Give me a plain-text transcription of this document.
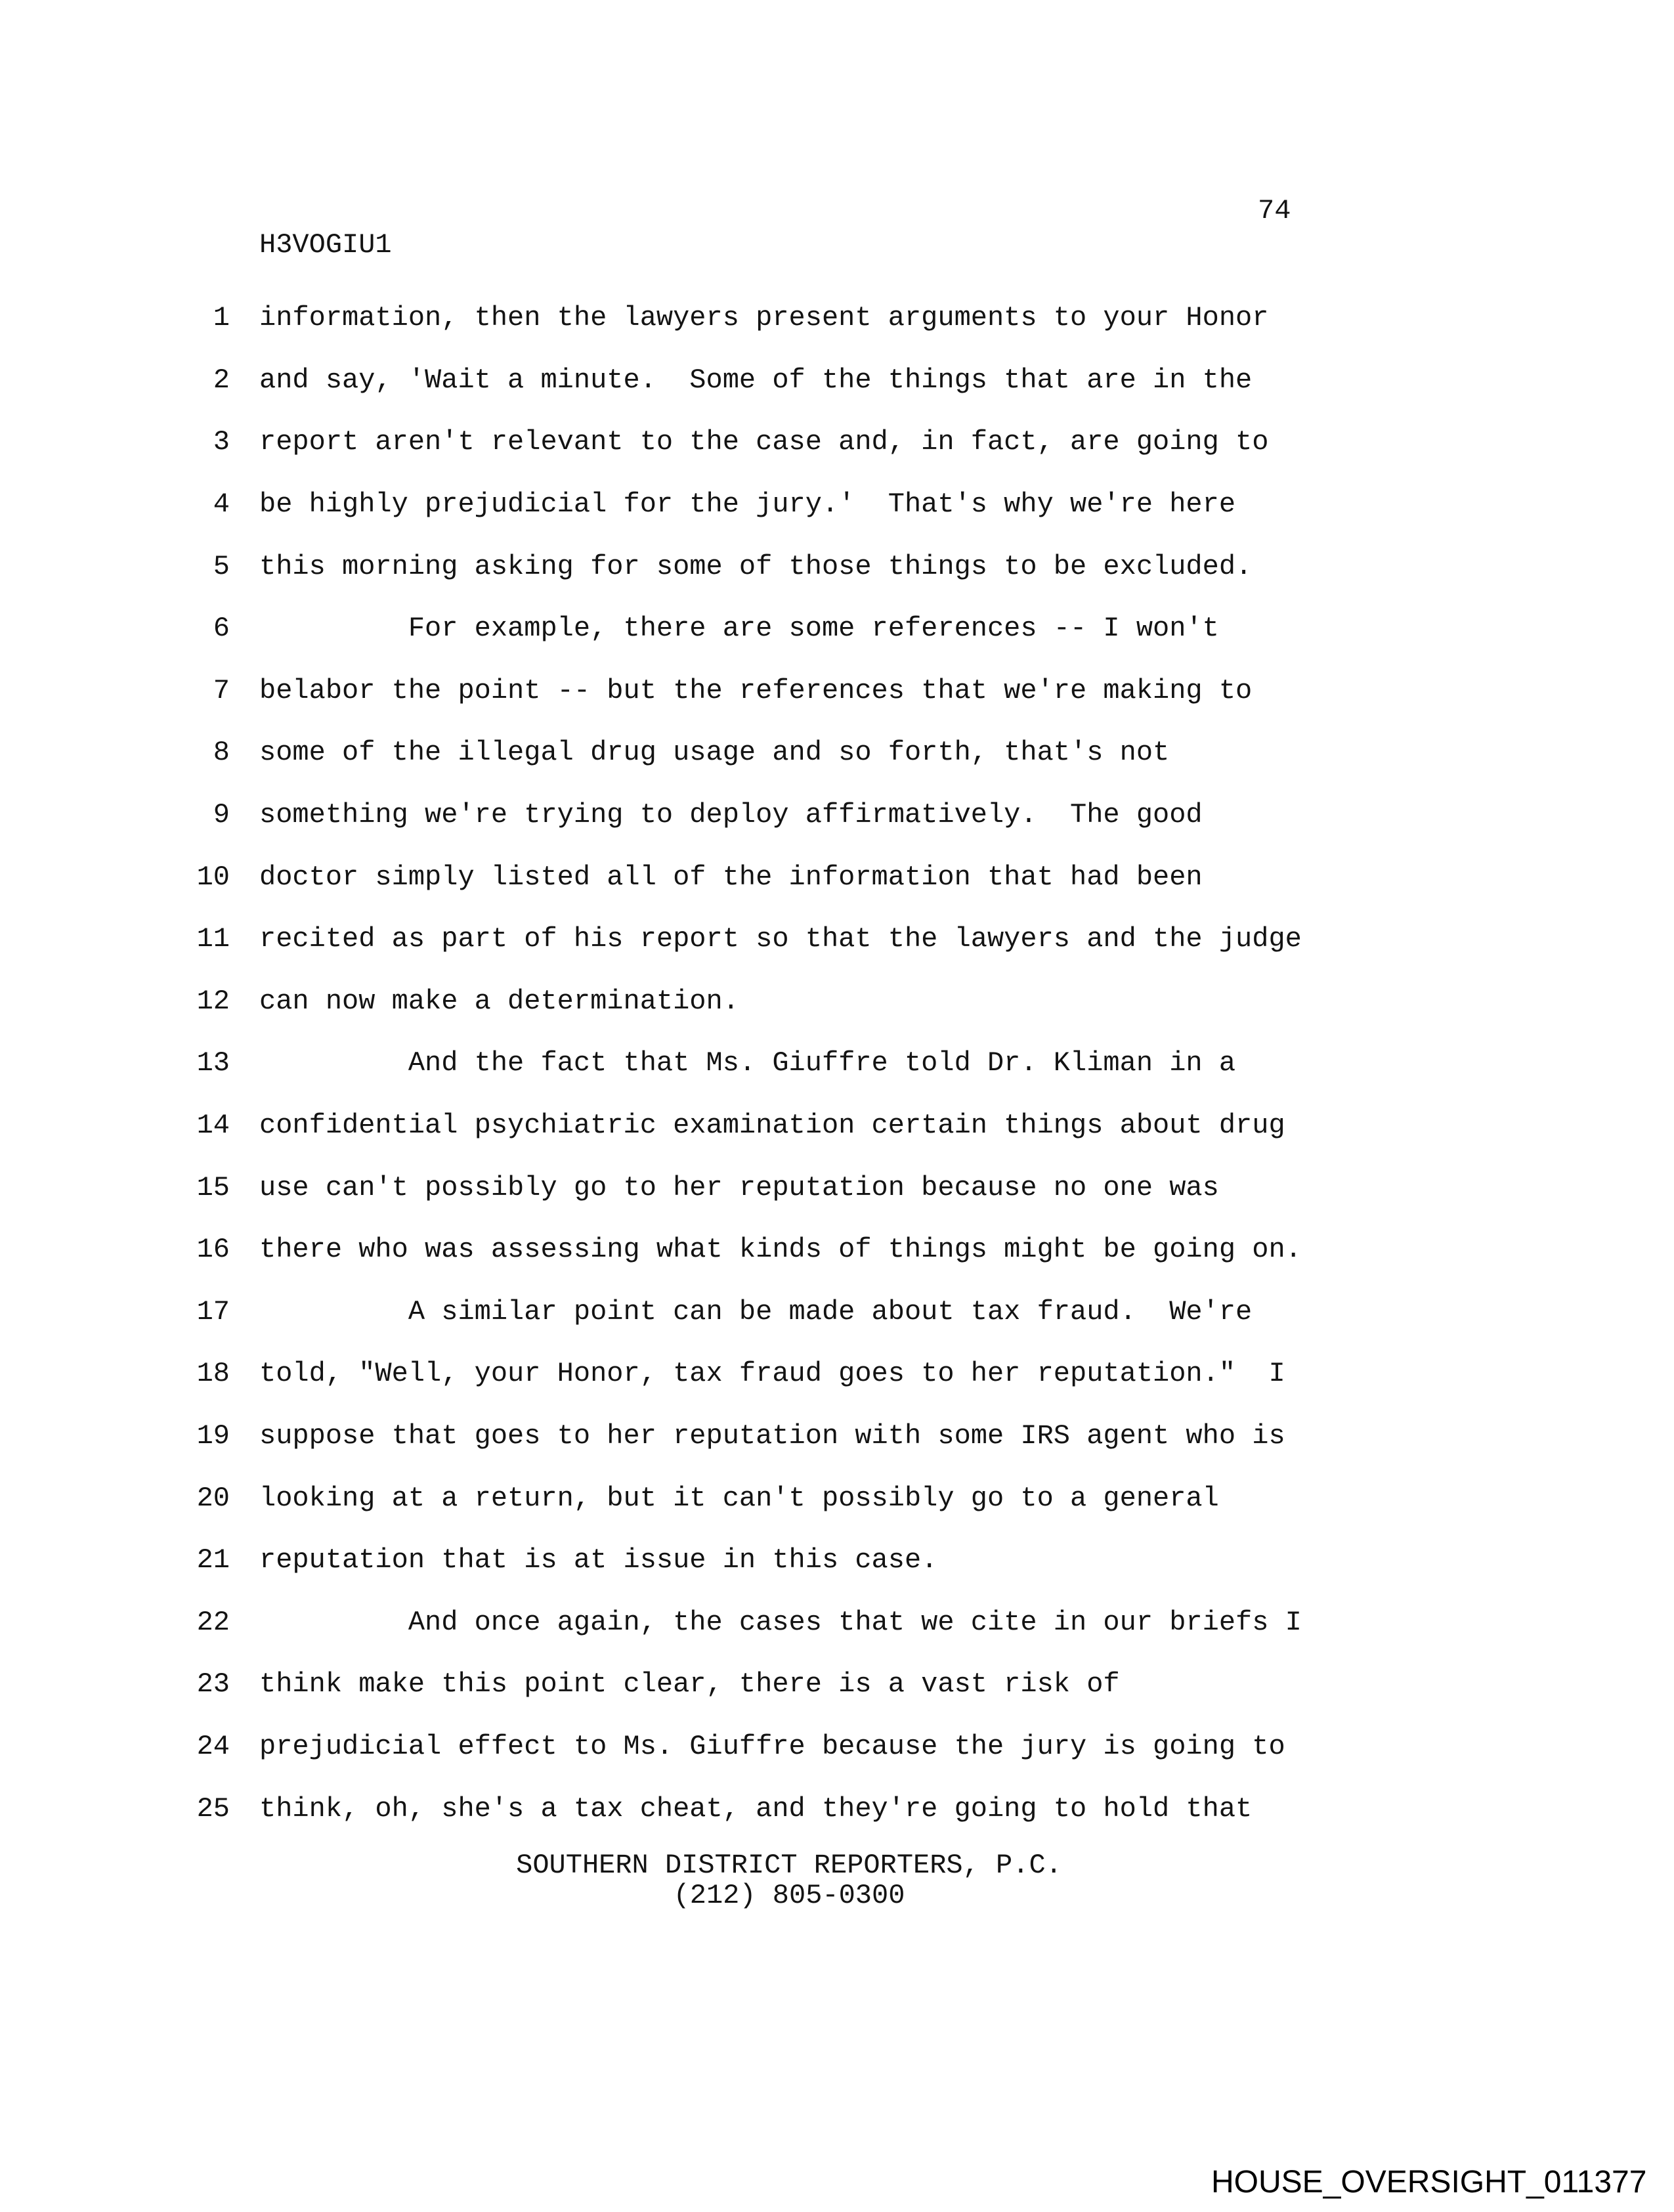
74
H3VOGIU1
1 information, then the lawyers present arguments to your Honor
2 and say, 'Wait a minute.  Some of the things that are in the
3 report aren't relevant to the case and, in fact, are going to
4 be highly prejudicial for the jury.'  That's why we're here
5 this morning asking for some of those things to be excluded.
6 For example, there are some references -- I won't
7 belabor the point -- but the references that we're making to
8 some of the illegal drug usage and so forth, that's not
9 something we're trying to deploy affirmatively.  The good
10 doctor simply listed all of the information that had been
11 recited as part of his report so that the lawyers and the judge
12 can now make a determination.
13 And the fact that Ms. Giuffre told Dr. Kliman in a
14 confidential psychiatric examination certain things about drug
15 use can't possibly go to her reputation because no one was
16 there who was assessing what kinds of things might be going on.
17 A similar point can be made about tax fraud.  We're
18 told, "Well, your Honor, tax fraud goes to her reputation."  I
19 suppose that goes to her reputation with some IRS agent who is
20 looking at a return, but it can't possibly go to a general
21 reputation that is at issue in this case.
22 And once again, the cases that we cite in our briefs I
23 think make this point clear, there is a vast risk of
24 prejudicial effect to Ms. Giuffre because the jury is going to
25 think, oh, she's a tax cheat, and they're going to hold that
SOUTHERN DISTRICT REPORTERS, P.C.
(212) 805-0300
HOUSE_OVERSIGHT_011377
